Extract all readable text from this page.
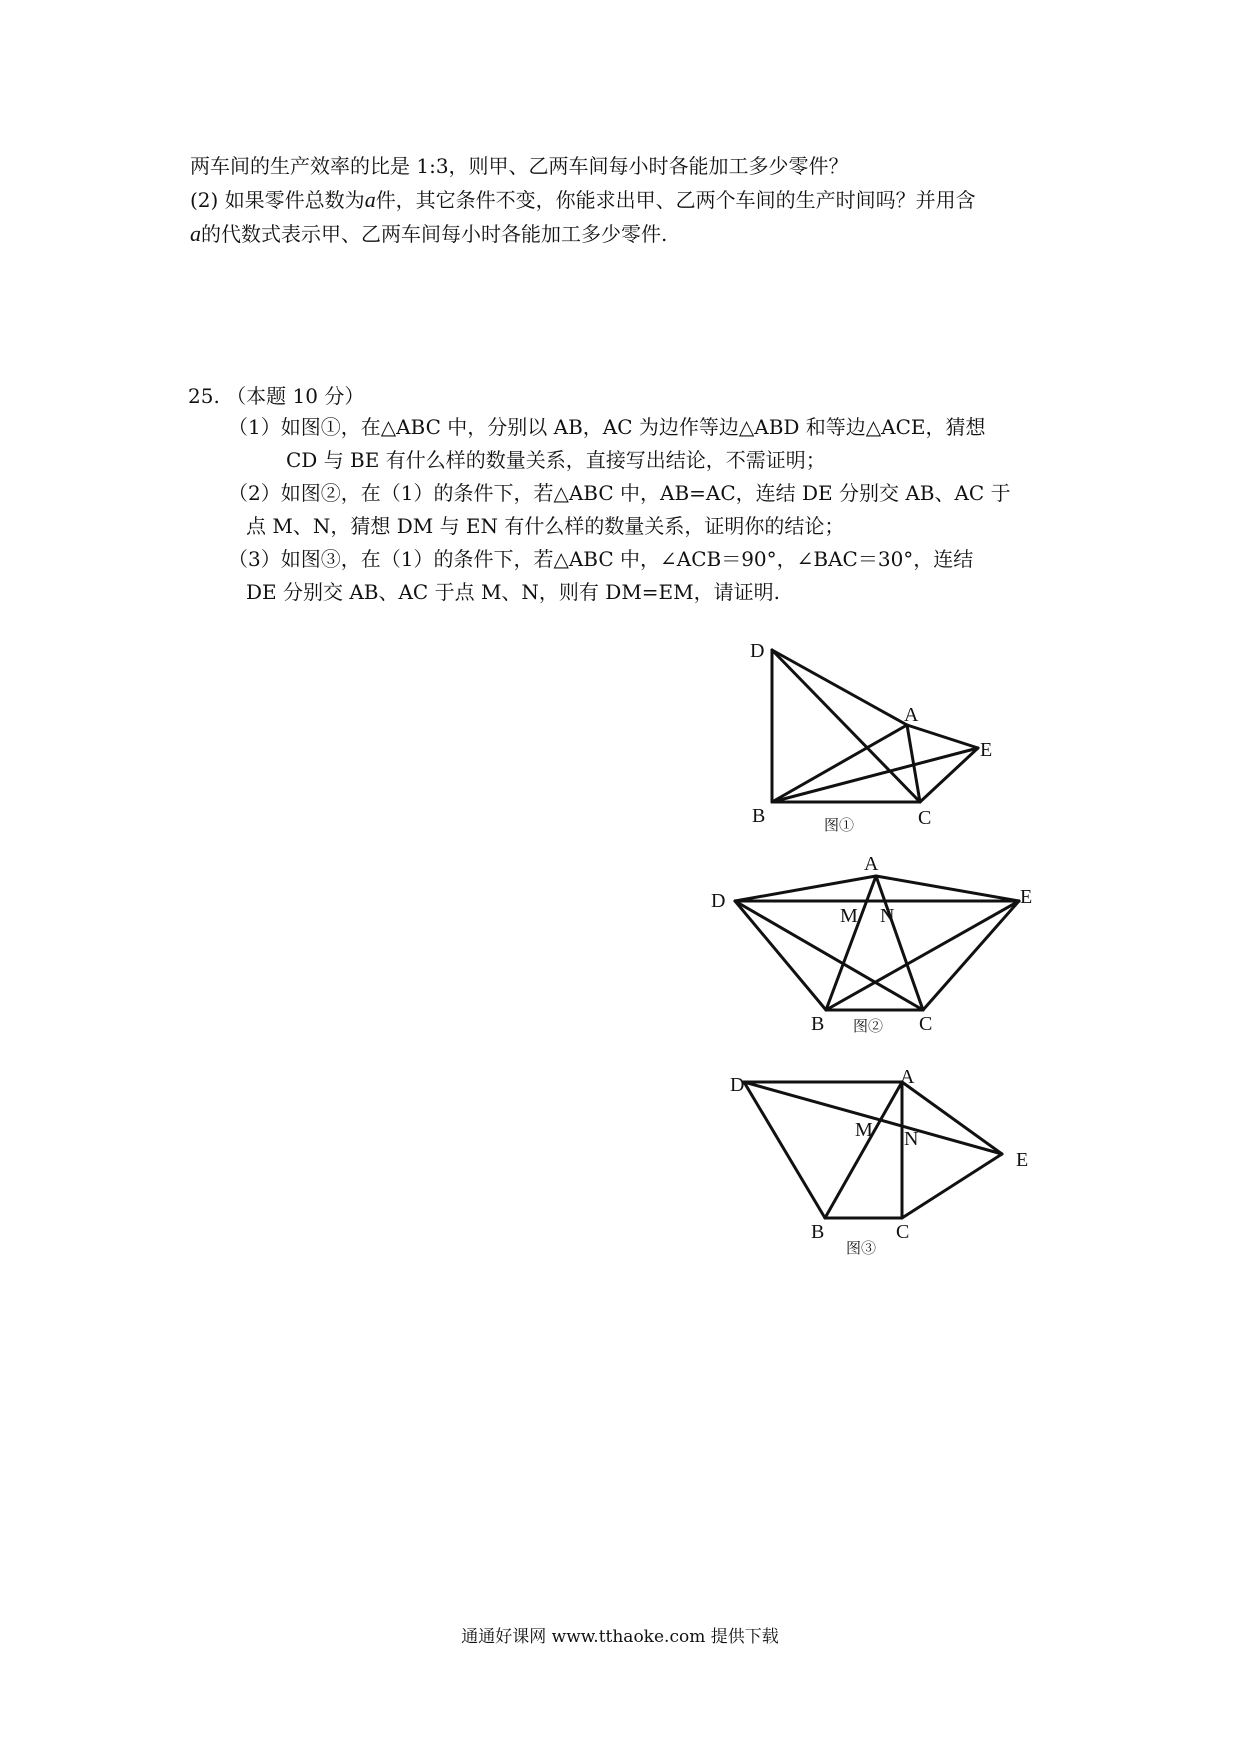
两车间的生产效率的比是 1:3，则甲、乙两车间每小时各能加工多少零件？
(2) 如果零件总数为a件，其它条件不变，你能求出甲、乙两个车间的生产时间吗？并用含
a的代数式表示甲、乙两车间每小时各能加工多少零件.
25. （本题 10 分）
（1）如图①，在△ABC 中，分别以 AB，AC 为边作等边△ABD 和等边△ACE，猜想
CD 与 BE 有什么样的数量关系，直接写出结论，不需证明；
（2）如图②，在（1）的条件下，若△ABC 中，AB=AC，连结 DE 分别交 AB、AC 于
点 M、N，猜想 DM 与 EN 有什么样的数量关系，证明你的结论；
（3）如图③，在（1）的条件下，若△ABC 中，∠ACB＝90°，∠BAC＝30°，连结
DE 分别交 AB、AC 于点 M、N，则有 DM=EM，请证明.
D
A
E
B	C
图①
A
D	E
M N
B	C
图②
D	A
M N
E
B	C
图③
通通好课网 www.tthaoke.com 提供下载
